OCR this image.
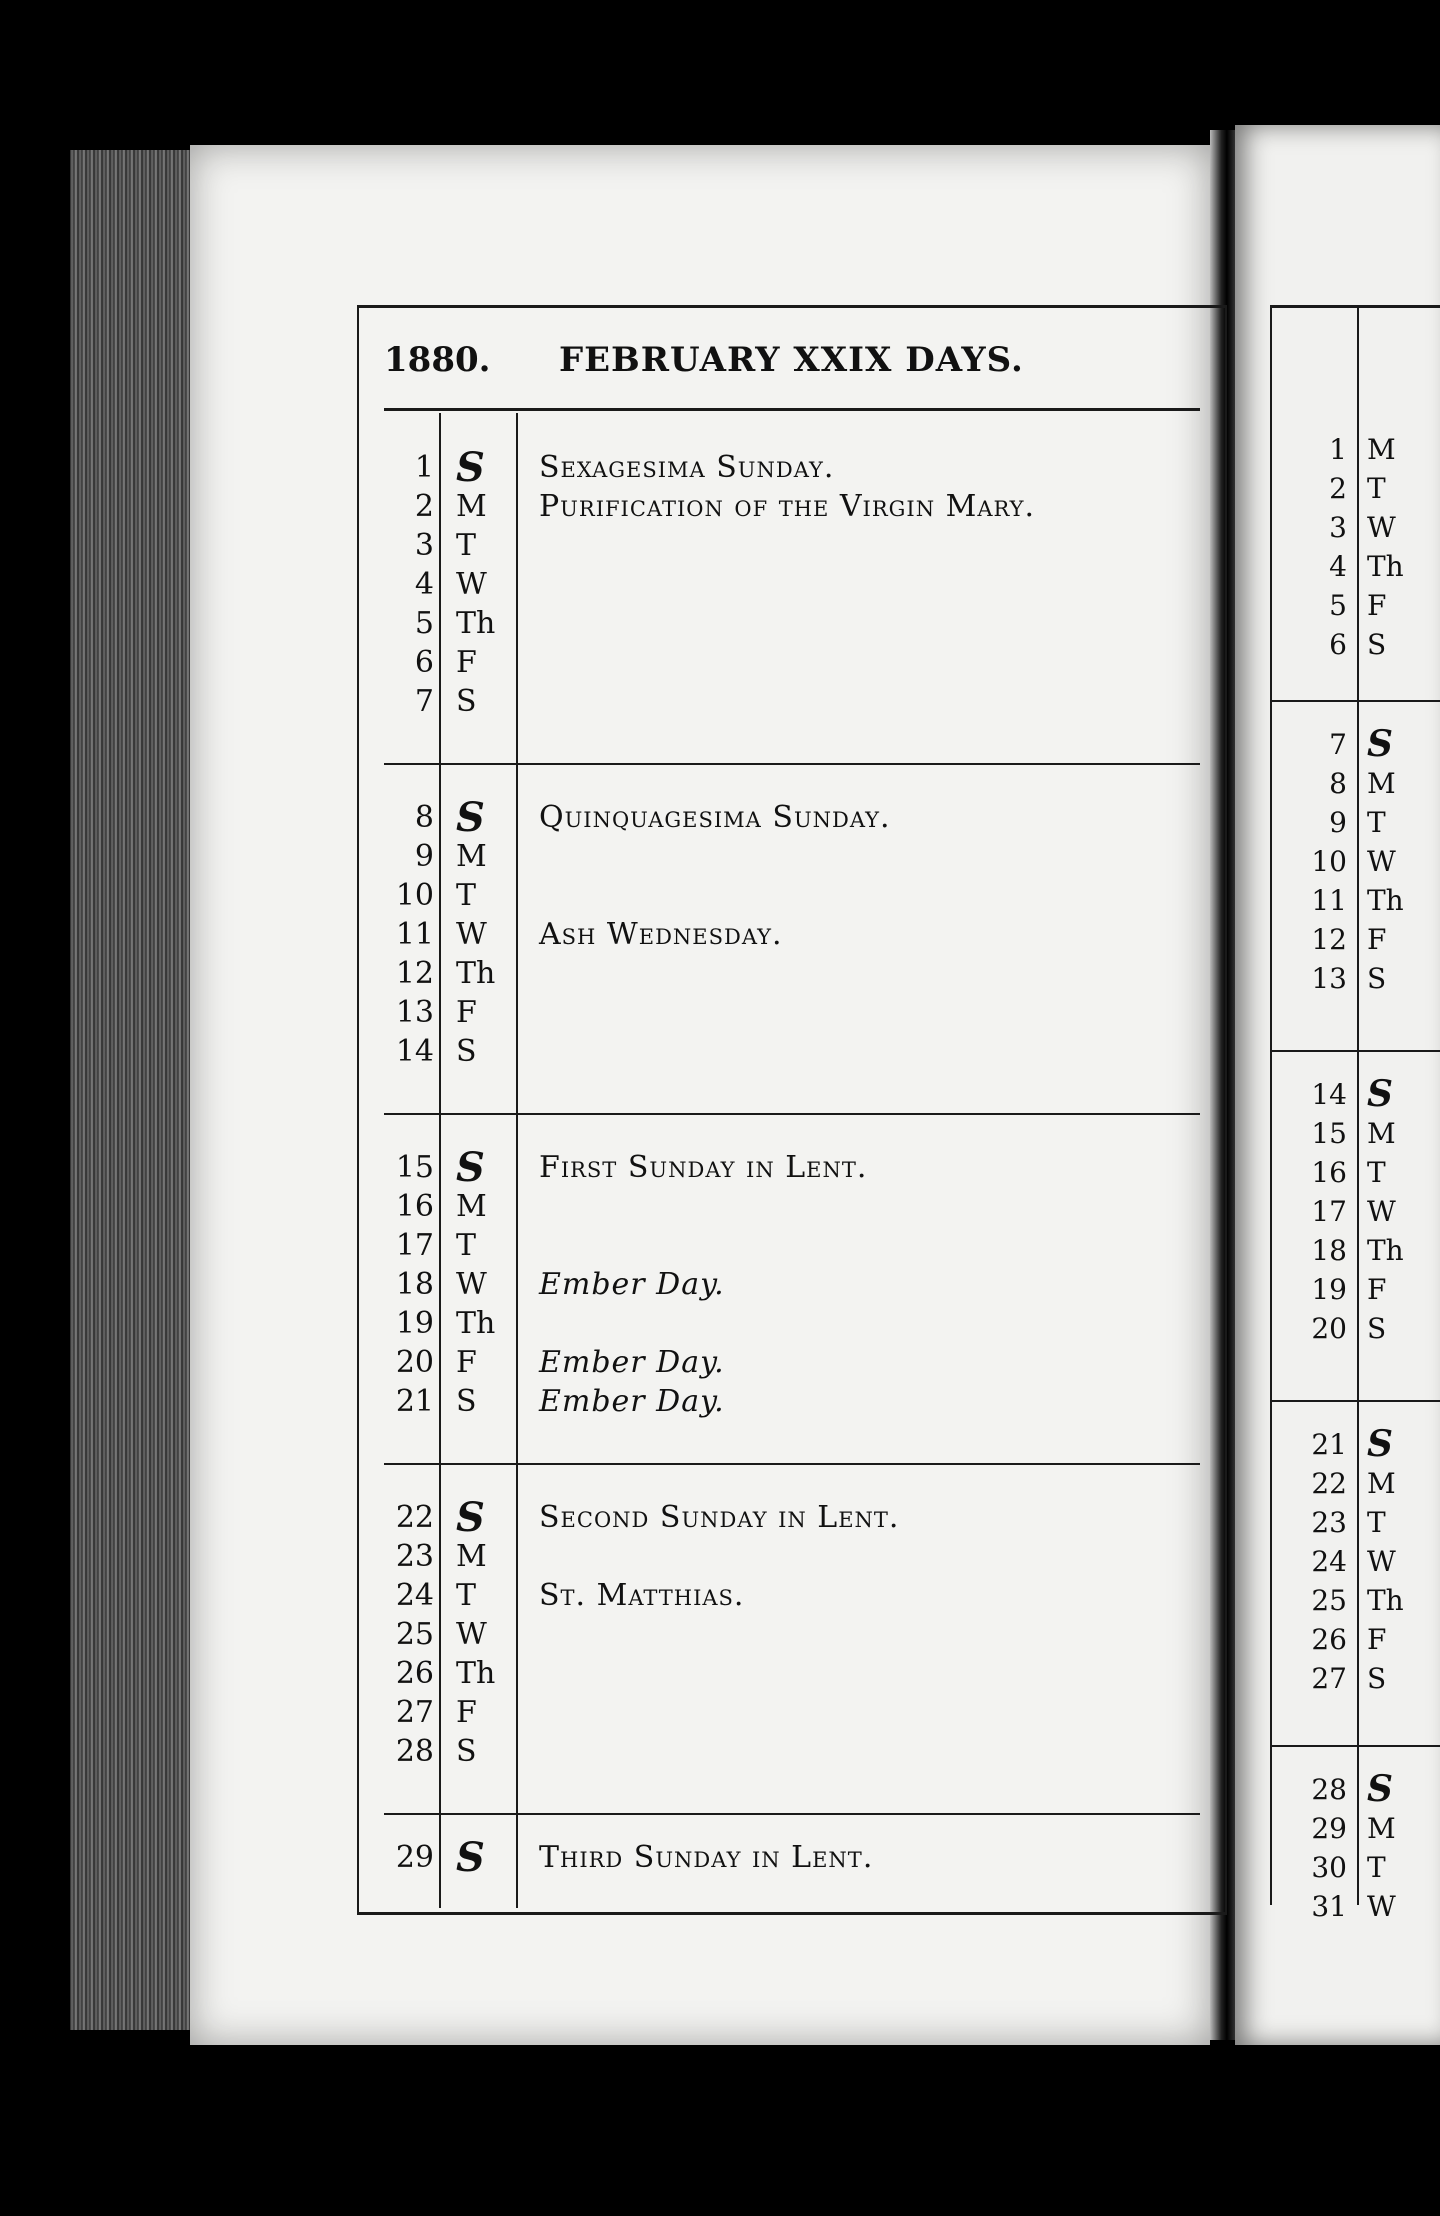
1880. FEBRUARY XXIX DAYS.
1 S	Sexagesima Sunday.
2 M	Purification of the Virgin Mary.
3 T
4 W
5 Th
6 F
7 S
8 S	Quinquagesima Sunday.
9 M
10 T
11 W	Ash Wednesday.
12 Th
13 F
14 S
15 S	First Sunday in Lent.
16 M
17 T
18 W	Ember Day.
19 Th
20 F	Ember Day.
21 S	Ember Day.
22 S	Second Sunday in Lent.
23 M
24 T	St. Matthias.
25 W
26 Th
27 F
28 S
29 S	Third Sunday in Lent.
1 M
2 T
3 W
4 Th
5 F
6 S
7 S
8 M
9 T
10 W
11 Th
12 F
13 S
14 S
15 M
16 T
17 W
18 Th
19 F
20 S
21 S
22 M
23 T
24 W
25 Th
26 F
27 S
28 S
29 M
30 T
31 W
